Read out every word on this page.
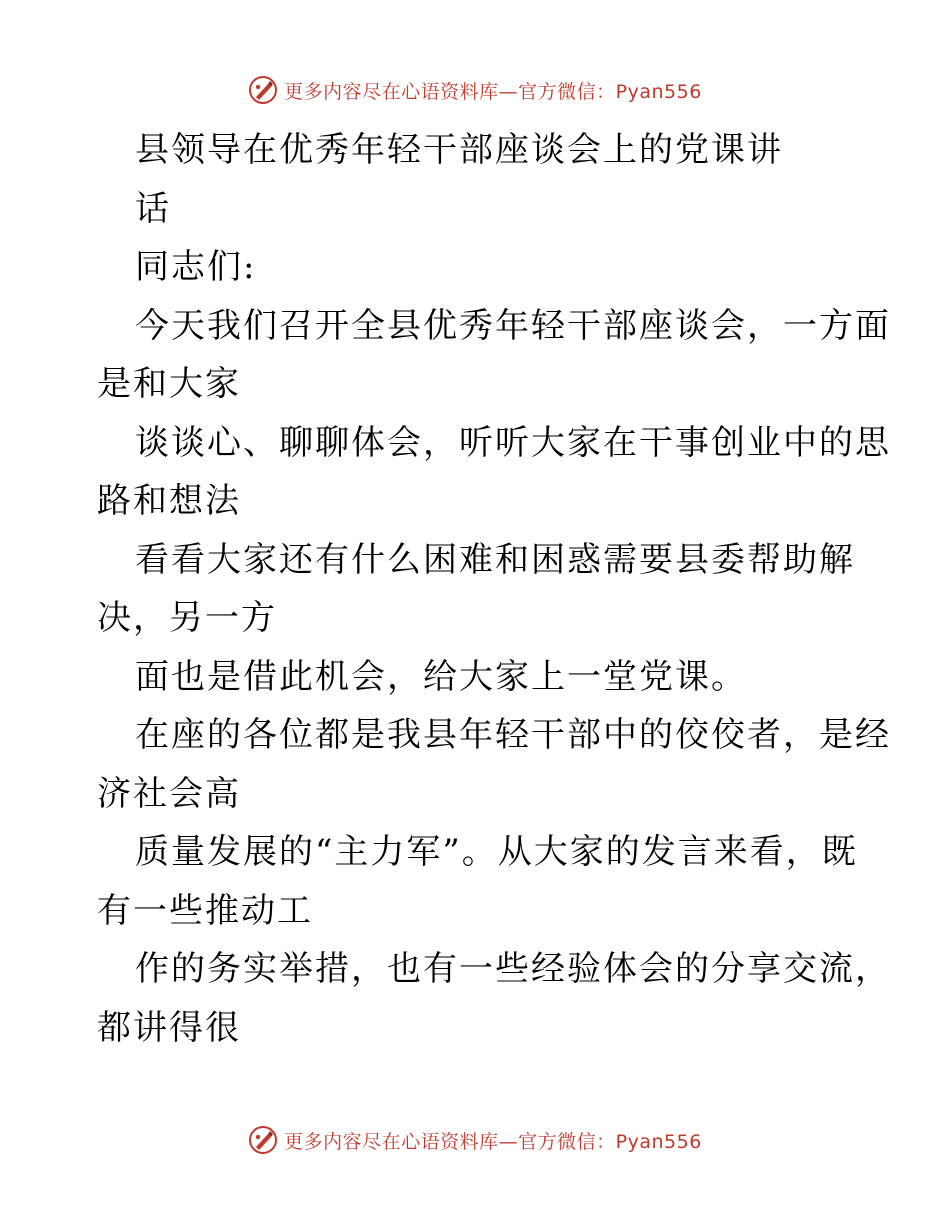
更多内容尽在心语资料库—官方微信：Pyan556
县领导在优秀年轻干部座谈会上的党课讲
话
同志们:
今天我们召开全县优秀年轻干部座谈会，一方面
是和大家
谈谈心、聊聊体会，听听大家在干事创业中的思
路和想法
看看大家还有什么困难和困惑需要县委帮助解
决，另一方
面也是借此机会，给大家上一堂党课。
在座的各位都是我县年轻干部中的佼佼者，是经
济社会高
质量发展的“主力军”。从大家的发言来看，既
有一些推动工
作的务实举措，也有一些经验体会的分享交流，
都讲得很
更多内容尽在心语资料库—官方微信：Pyan556
